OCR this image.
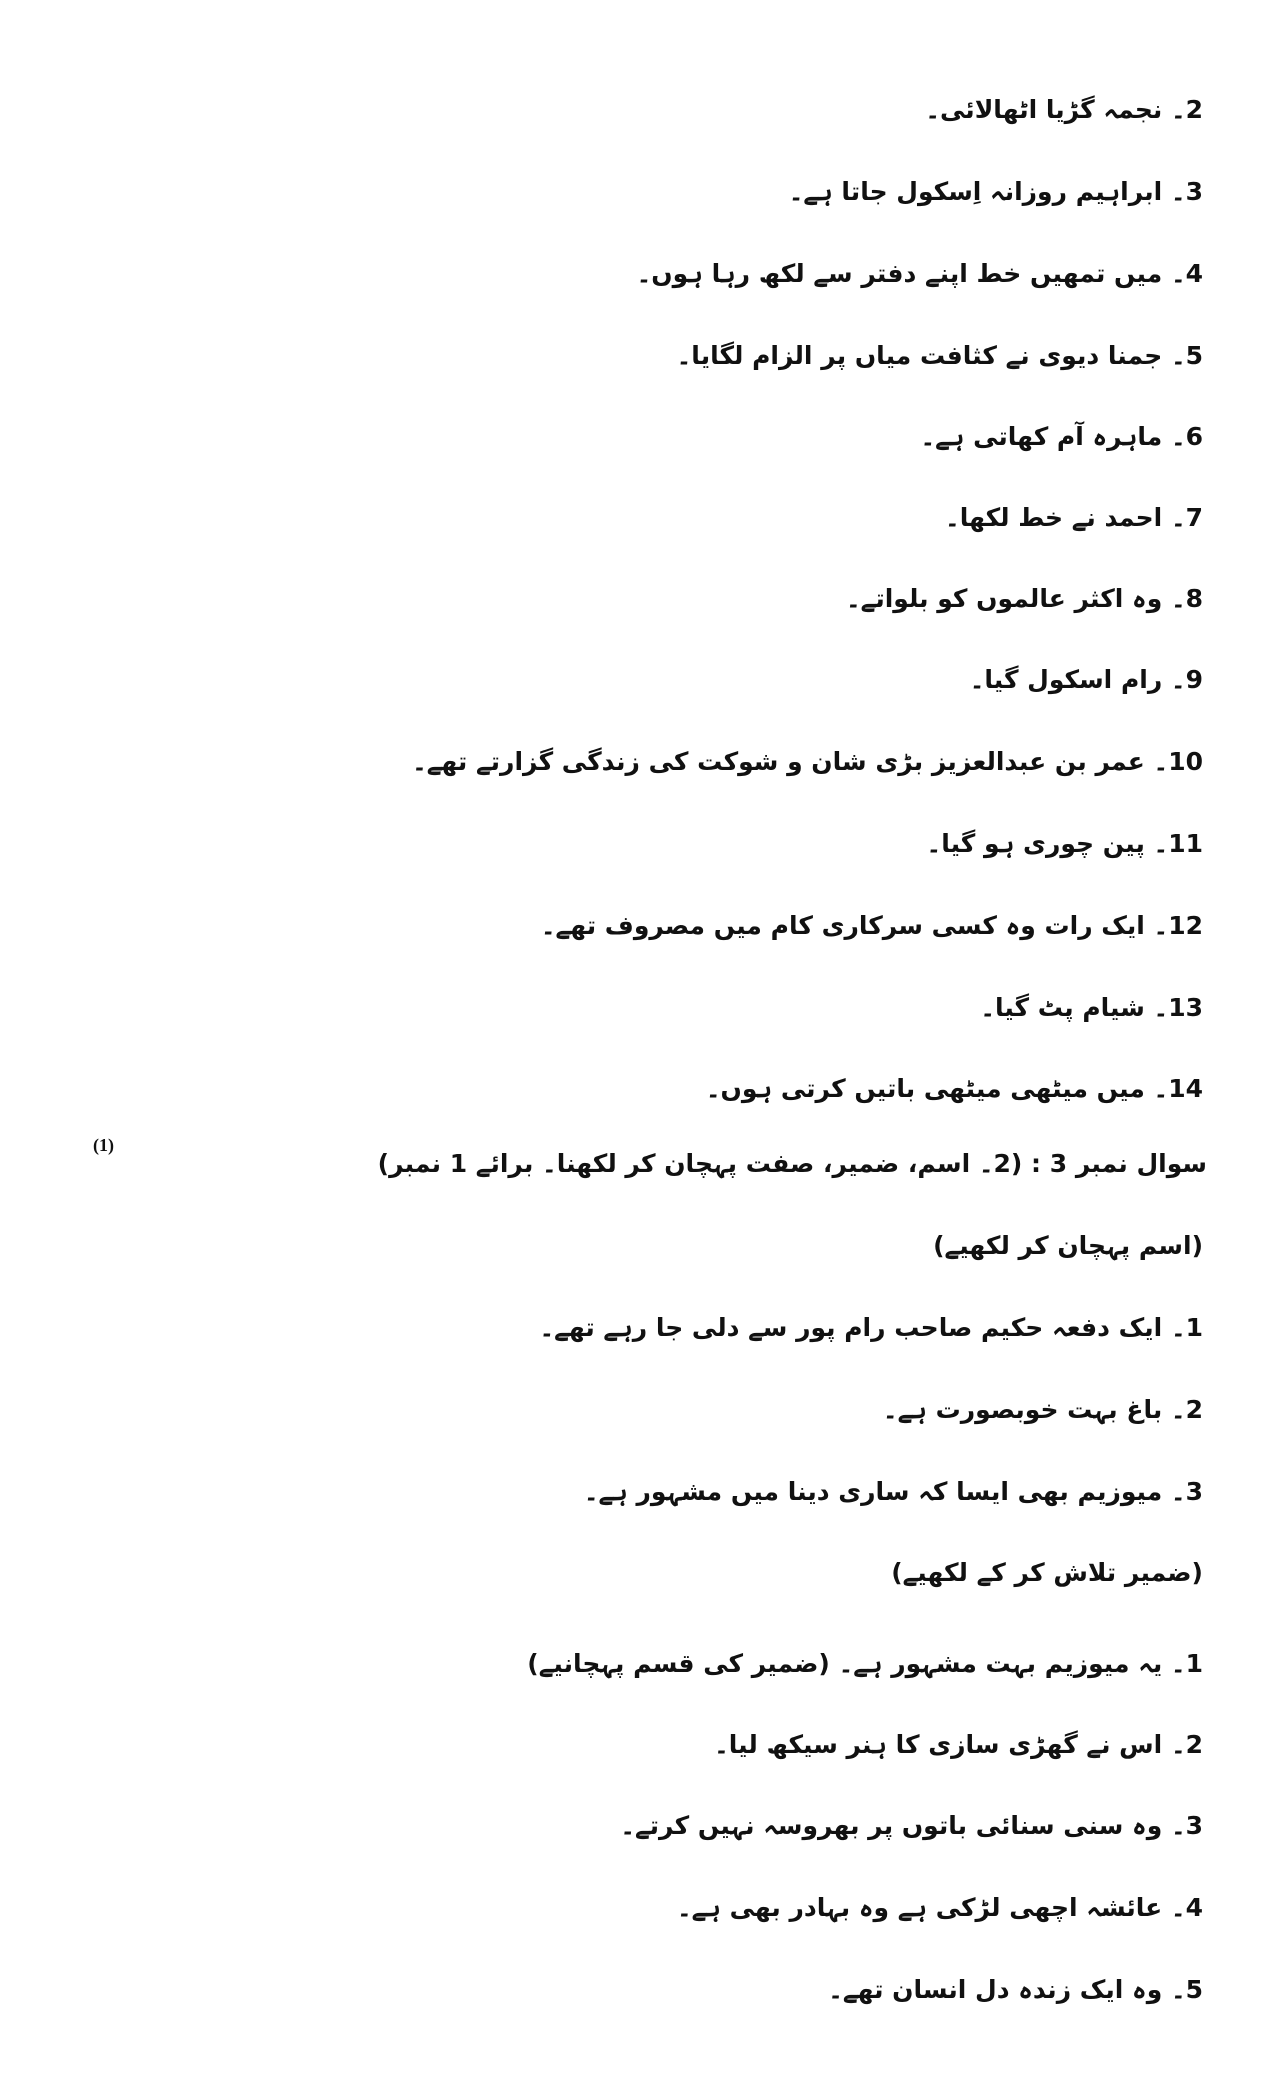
2۔ نجمہ گڑیا اٹھالائی۔
3۔ ابراہیم روزانہ اِسکول جاتا ہے۔
4۔ میں تمھیں خط اپنے دفتر سے لکھ رہا ہوں۔
5۔ جمنا دیوی نے کثافت میاں پر الزام لگایا۔
6۔ ماہرہ آم کھاتی ہے۔
7۔ احمد نے خط لکھا۔
8۔ وہ اکثر عالموں کو بلواتے۔
9۔ رام اسکول گیا۔
10۔ عمر بن عبدالعزیز بڑی شان و شوکت کی زندگی گزارتے تھے۔
11۔ پین چوری ہو گیا۔
12۔ ایک رات وہ کسی سرکاری کام میں مصروف تھے۔
13۔ شیام پٹ گیا۔
14۔ میں میٹھی میٹھی باتیں کرتی ہوں۔
سوال نمبر 3 : (2۔ اسم، ضمیر، صفت پہچان کر لکھنا۔ برائے 1 نمبر)
(1)
(اسم پہچان کر لکھیے)
1۔ ایک دفعہ حکیم صاحب رام پور سے دلی جا رہے تھے۔
2۔ باغ بہت خوبصورت ہے۔
3۔ میوزیم بھی ایسا کہ ساری دینا میں مشہور ہے۔
(ضمیر تلاش کر کے لکھیے)
1۔ یہ میوزیم بہت مشہور ہے۔ (ضمیر کی قسم پہچانیے)
2۔ اس نے گھڑی سازی کا ہنر سیکھ لیا۔
3۔ وہ سنی سنائی باتوں پر بھروسہ نہیں کرتے۔
4۔ عائشہ اچھی لڑکی ہے وہ بہادر بھی ہے۔
5۔ وہ ایک زندہ دل انسان تھے۔
